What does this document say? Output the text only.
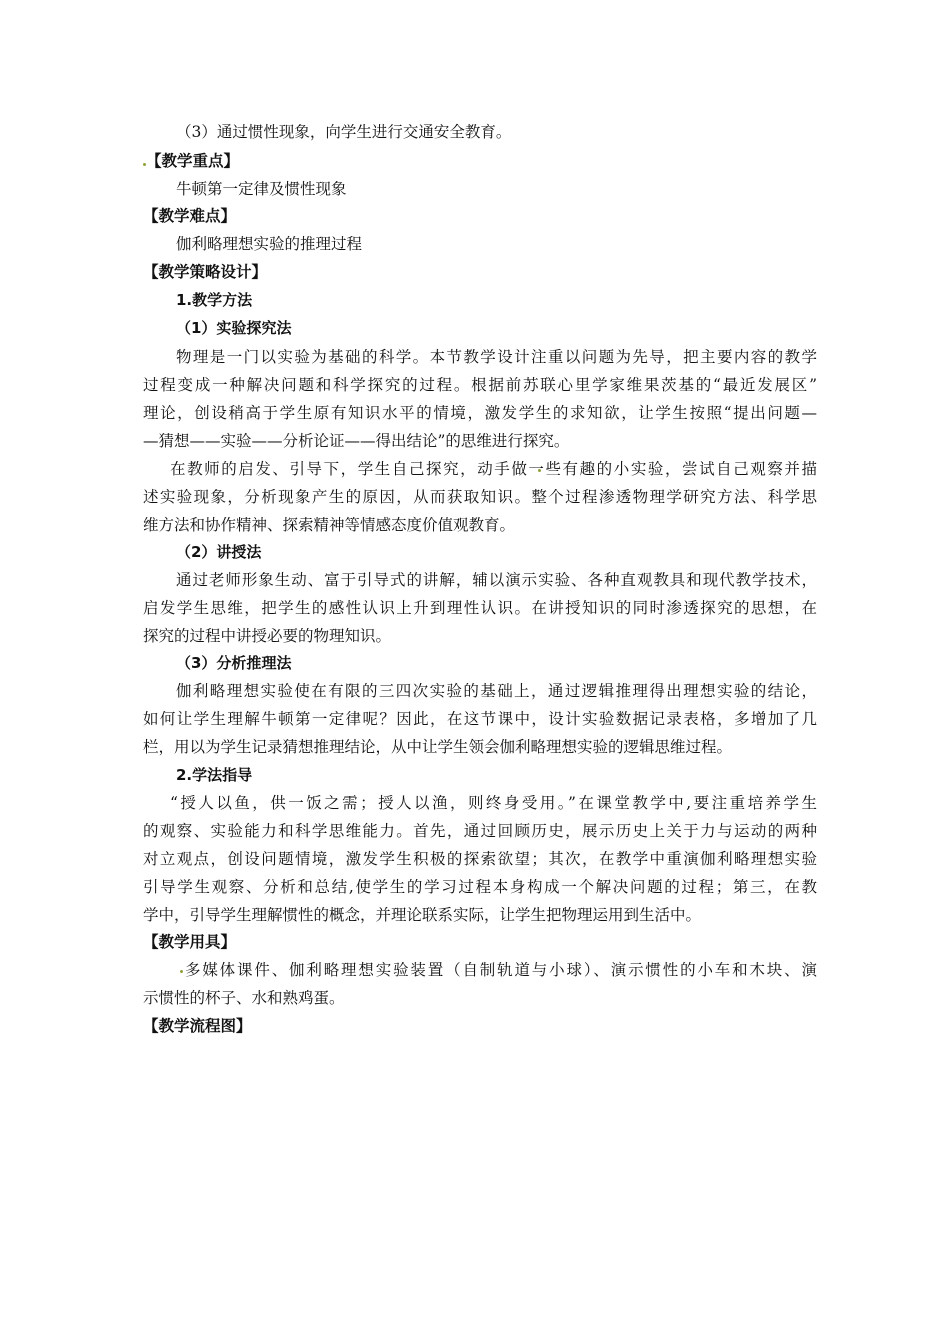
（3）通过惯性现象，向学生进行交通安全教育。
【教学重点】
牛顿第一定律及惯性现象
【教学难点】
伽利略理想实验的推理过程
【教学策略设计】
1.教学方法
（1）实验探究法
物理是一门以实验为基础的科学。本节教学设计注重以问题为先导，把主要内容的教学
过程变成一种解决问题和科学探究的过程。根据前苏联心里学家维果茨基的“最近发展区”
理论，创设稍高于学生原有知识水平的情境，激发学生的求知欲，让学生按照“提出问题—
—猜想——实验——分析论证——得出结论”的思维进行探究。
在教师的启发、引导下，学生自己探究，动手做一些有趣的小实验，尝试自己观察并描
述实验现象，分析现象产生的原因，从而获取知识。整个过程渗透物理学研究方法、科学思
维方法和协作精神、探索精神等情感态度价值观教育。
（2）讲授法
通过老师形象生动、富于引导式的讲解，辅以演示实验、各种直观教具和现代教学技术，
启发学生思维，把学生的感性认识上升到理性认识。在讲授知识的同时渗透探究的思想，在
探究的过程中讲授必要的物理知识。
（3）分析推理法
伽利略理想实验使在有限的三四次实验的基础上，通过逻辑推理得出理想实验的结论，
如何让学生理解牛顿第一定律呢？因此，在这节课中，设计实验数据记录表格，多增加了几
栏，用以为学生记录猜想推理结论，从中让学生领会伽利略理想实验的逻辑思维过程。
2.学法指导
“授人以鱼，供一饭之需；授人以渔，则终身受用。”在课堂教学中,要注重培养学生
的观察、实验能力和科学思维能力。首先，通过回顾历史，展示历史上关于力与运动的两种
对立观点，创设问题情境，激发学生积极的探索欲望；其次，在教学中重演伽利略理想实验
引导学生观察、分析和总结,使学生的学习过程本身构成一个解决问题的过程；第三，在教
学中，引导学生理解惯性的概念，并理论联系实际，让学生把物理运用到生活中。
【教学用具】
多媒体课件、伽利略理想实验装置（自制轨道与小球）、演示惯性的小车和木块、演
示惯性的杯子、水和熟鸡蛋。
【教学流程图】
